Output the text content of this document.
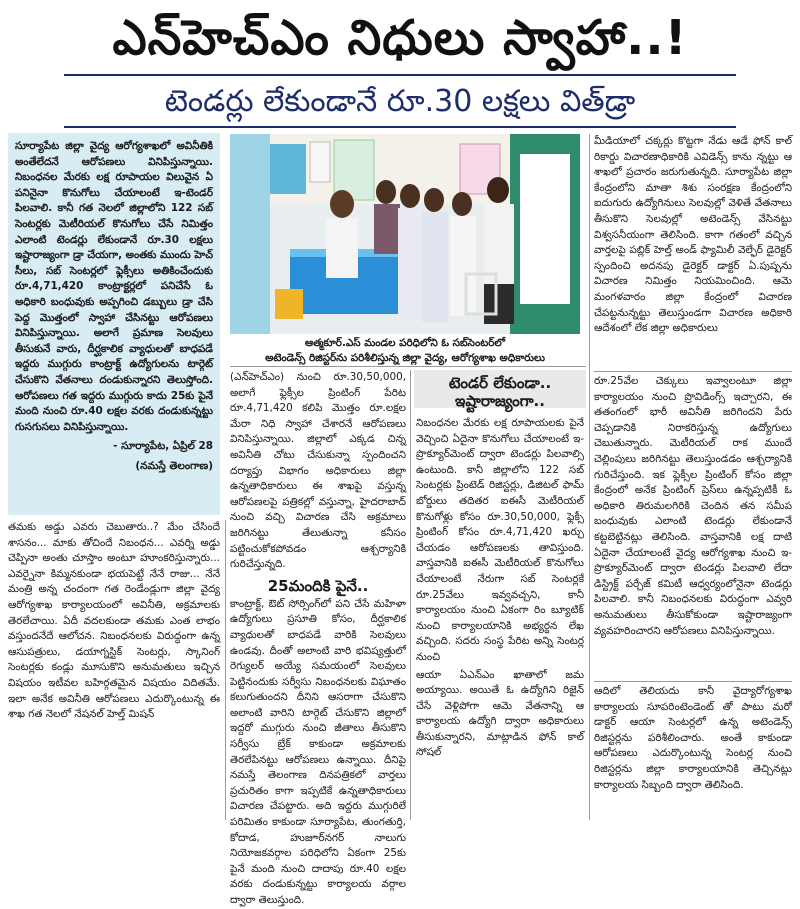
ఎన్‌హెచ్‌ఎం నిధులు స్వాహా..!
టెండర్లు లేకుండానే రూ.30 లక్షలు విత్‌డ్రా

సూర్యాపేట జిల్లా వైద్య ఆరోగ్యశాఖలో అవినీతికి అంతేలేదనే ఆరోపణలు వినిపిస్తున్నాయి. నిబంధనల మేరకు లక్ష రూపాయల విలువైన ఏ పనినైనా కొనుగోలు చేయాలంటే ఇ-టెండర్ పిలవాలి. కానీ గత నెలలో జిల్లాలోని 122 సబ్ సెంటర్లకు మెటీరియల్ కొనుగోలు చేసే నిమిత్తం ఎలాంటి టెండర్లు లేకుండానే రూ.30 లక్షలు ఇష్టారాజ్యంగా డ్రా చేయగా, అంతకు ముందు హెచ్ సీలు, సబ్ సెంటర్లలో ఫ్లెక్సీలు అతికించేందుకు రూ.4,71,420 కాంట్రాక్టర్లలో పనిచేసే ఓ అధికారి బంధువుకు అప్పగించి డబ్బులు డ్రా చేసి పెద్ద మొత్తంలో స్వాహా చేసినట్టు ఆరోపణలు వినిపిస్తున్నాయి. అలాగే ప్రమాణ సెలవులు తీసుకునే వారు, దీర్ఘకాలిక వ్యాధులతో బాధపడే ఇద్దరు ముగ్గురు కాంట్రాక్ట్ ఉద్యోగులను టార్గెట్ చేసుకొని వేతనాలు దండుకున్నారని తెలుస్తోంది. ఆరోపణలు గత ఇద్దరు ముగ్గురు కాదు 25కు పైనే మంది నుంచి రూ.40 లక్షల వరకు దండుకున్నట్టు గుసగుసలు వినిపిస్తున్నాయి.

- సూర్యాపేట, ఏప్రిల్ 28
(నమస్తే తెలంగాణ)
ఆత్మకూర్.ఎస్ మండల పరిధిలోని ఓ సబ్‌సెంటర్‌లో
అటెండెన్స్ రిజిస్టర్‌ను పరిశీలిస్తున్న జిల్లా వైద్య, ఆరోగ్యశాఖ అధికారులు

తమకు అడ్డు ఎవరు చెబుతారు..? మేం చేసిందే శాసనం... మాకు తోచిందే నిబంధన... ఎవర్ని అడ్డు చెప్పినా అంతు చూస్తాం అంటూ హూంకరిస్తున్నారు... ఎవర్నైనా కిమ్మనకుండా భయపెట్టే నేనే రాజు... నేనే మంత్రి అన్న చందంగా గత రెండేండ్లుగా జిల్లా వైద్య ఆరోగ్యశాఖ కార్యాలయంలో అవినీతి, అక్రమాలకు తెరలేచాయి. ఏదీ వదలకుండా తమకు ఎంత లాభం వస్తుందనేదే ఆలోచన. నిబంధనలకు విరుద్ధంగా ఉన్న ఆసుపత్రులు, డయాగ్నస్టిక్ సెంటర్లు, స్కానింగ్ సెంటర్లకు కండ్లు మూసుకొని అనుమతులు ఇచ్చిన విషయం ఇటీవల బహిర్గతమైన విషయం విదితమే. ఇలా అనేక అవినీతి ఆరోపణలు ఎదుర్కొంటున్న ఈ శాఖ గత నెలలో నేషనల్ హెల్త్ మిషన్

(ఎన్‌హెచ్‌ఎం) నుంచి రూ.30,50,000, అలాగే ఫ్లెక్సీల ప్రింటింగ్ పేరిట రూ.4,71,420 కలిపి మొత్తం రూ.లక్షల మేరా నిధి స్వాహా చేశారనే ఆరోపణలు వినిపిస్తున్నాయి. జిల్లాలో ఎక్కడ చిన్న అవినీతి చోటు చేసుకున్నా స్పందించని దర్యాప్తు విభాగం అధికారులు జిల్లా ఉన్నతాధికారులు ఈ శాఖపై వస్తున్న ఆరోపణలపై పత్రికల్లో వస్తున్నా, హైదరాబాద్ నుంచి వచ్చి విచారణ చేసి అక్రమాలు జరిగినట్టు తేలుతున్నా కనీసం పట్టించుకోకపోవడం ఆశ్చర్యానికి గురిచేస్తున్నది.

25మందికి పైనే..

కాంట్రాక్ట్, ఔట్ సోర్సింగ్‌లో పని చేసే మహిళా ఉద్యోగులు ప్రసూతి కోసం, దీర్ఘకాలిక వ్యాధులతో బాధపడే వారికి సెలవులు ఉండవు. దీంతో అలాంటి వారి భవిష్యత్తులో రెగ్యులర్ అయ్యే సమయంలో సెలవులు పెట్టినందుకు సర్వీసు నిబంధనలకు విఘాతం కలుగుతుందని దీనిని ఆసరాగా చేసుకొని అలాంటి వారిని టార్గెట్ చేసుకొని జిల్లాలో ఇద్దరో ముగ్గురు నుంచి జీతాలు తీసుకొని సర్వీసు బ్రేక్ కాకుండా అక్రమాలకు తెరలేపినట్టు ఆరోపణలు ఉన్నాయి. దీనిపై నమస్తే తెలంగాణ దినపత్రికలో వార్తలు ప్రచురితం కాగా ఇప్పటికే ఉన్నతాధికారులు విచారణ చేపట్టారు. అది ఇద్దరు ముగ్గురిలే పరిమితం కాకుండా సూర్యాపేట, తుంగతుర్తి, కోదాడ, హుజూర్‌నగర్ నాలుగు నియోజకవర్గాల పరిధిలోని ఏకంగా 25కు పైనే మంది నుంచి దాదాపు రూ.40 లక్షల వరకు దండుకున్నట్టు కార్యాలయ వర్గాల ద్వారా తెలుస్తుంది.

టెండర్ లేకుండా..
ఇష్టారాజ్యంగా..

నిబంధనల మేరకు లక్ష రూపాయలకు పైనే వెచ్చించి ఏదైనా కొనుగోలు చేయాలంటే ఇ-ప్రొక్యూర్‌మెంట్ ద్వారా టెండర్లు పిలవాల్సి ఉంటుంది. కానీ జిల్లాలోని 122 సబ్ సెంటర్లకు ప్రింటెడ్ రిజిస్టర్లు, డిజిటల్ ఫామ్ బోర్డులు తదితర ఐఈసీ మెటీరియల్ కొనుగోళ్లు కోసం రూ.30,50,000, ఫ్లెక్సీ ప్రింటింగ్ కోసం రూ.4,71,420 ఖర్చు చేయడం ఆరోపణలకు తావిస్తుంది. వాస్తవానికి ఐఈసీ మెటీరియల్ కొనుగోలు చేయాలంటే నేరుగా సబ్ సెంటర్లకే రూ.25వేలు ఇవ్వవచ్చని, కానీ కార్యాలయం నుంచి ఏకంగా రిం బ్యూటిక్ నుంచి కార్యాలయానికి అభ్యర్థన లేఖ వచ్చింది. సదరు సంస్థ పేరిట అన్ని సెంటర్ల నుంచి

ఆయా ఏఎన్‌ఎం ఖాతాలో జమ అయ్యాయి. అయితే ఓ ఉద్యోగిని రిజైన్ చేసే వెళ్లిపోగా ఆమె వేతనాన్ని ఆ కార్యాలయ ఉద్యోగి ద్వారా అధికారులు తీసుకున్నారని, మాట్లాడిన ఫోన్ కాల్ సోషల్

మీడియాలో చక్కర్లు కొట్టగా నేడు ఆడే ఫోన్ కాల్ రికార్డు విచారణాధికారికి ఎవిడెన్స్ కాను న్నట్టు ఆ శాఖలో ప్రచారం జరుగుతున్నది. సూర్యాపేట జిల్లా కేంద్రంలోని మాతా శిశు సంరక్షణ కేంద్రంలోని ఐదుగురు ఉద్యోగినులు సెలవుల్లో వెళితే వేతనాలు తీసుకొని సెలవుల్లో అటెండెన్స్ వేసినట్టు విశ్వసనీయంగా తెలిసింది. కాగా గతంలో వచ్చిన వార్తలపై పబ్లిక్ హెల్త్ అండ్ ఫ్యామిలీ వెల్ఫేర్ డైరెక్టర్ స్పందించి అదనపు డైరెక్టర్ డాక్టర్ ఏ.పుష్పను విచారణ నిమిత్తం నియమించింది. ఆమె మంగళవారం జిల్లా కేంద్రంలో విచారణ చేపట్టనున్నట్టు తెలుస్తుండగా విచారణ అధికారి ఆదేశంలో లేక జిల్లా అధికారులు

రూ.25వేల చెక్కులు ఇవ్వాలంటూ జిల్లా కార్యాలయం నుంచి ప్రొవిడింగ్స్ ఇచ్చారని, ఈ తతంగంలో భారీ అవినీతి జరిగిందని పేరు చెప్పడానికి నిరాకరిస్తున్న ఉద్యోగులు చెబుతున్నారు. మెటీరియల్ రాక ముందే చెల్లింపులు జరిగినట్టు తెలుస్తుండడం ఆశ్చర్యానికి గురిచేస్తుంది. ఇక ఫ్లెక్సీల ప్రింటింగ్ కోసం జిల్లా కేంద్రంలో అనేక ప్రింటింగ్ ప్రెస్‌లు ఉన్నప్పటికీ ఓ అధికారి తిరుమలగిరికి చెందిన తన సమీప బంధువుకు ఎలాంటి టెండర్లు లేకుండానే కట్టబెట్టినట్లు తెలిసింది. వాస్తవానికి లక్ష దాటి ఏదైనా చేయాలంటే వైద్య ఆరోగ్యశాఖ నుంచి ఇ-ప్రొక్యూర్‌మెంట్ ద్వారా టెండర్లు పిలవాలి లేదా డిస్ట్రిక్ట్ పర్చేజ్ కమిటీ ఆధ్వర్యంలోనైనా టెండర్లు పిలవాలి. కానీ నిబంధనలకు విరుద్ధంగా ఎవ్వరి అనుమతులు తీసుకోకుండా ఇష్టారాజ్యంగా వ్యవహరించారని ఆరోపణలు వినిపిస్తున్నాయి.

ఆదిలో తెలియదు కానీ వైద్యారోగ్యశాఖ కార్యాలయ సూపరింటెండెంట్ తో పాటు మరో డాక్టర్ ఆయా సెంటర్లలో ఉన్న అటెండెన్స్ రిజిస్టర్లను పరిశీలించారు. అంతే కాకుండా ఆరోపణలు ఎదుర్కొంటున్న సెంటర్ల నుంచి రిజిస్టర్లను జిల్లా కార్యాలయానికి తెచ్చినట్లు కార్యాలయ సిబ్బంది ద్వారా తెలిసింది.
